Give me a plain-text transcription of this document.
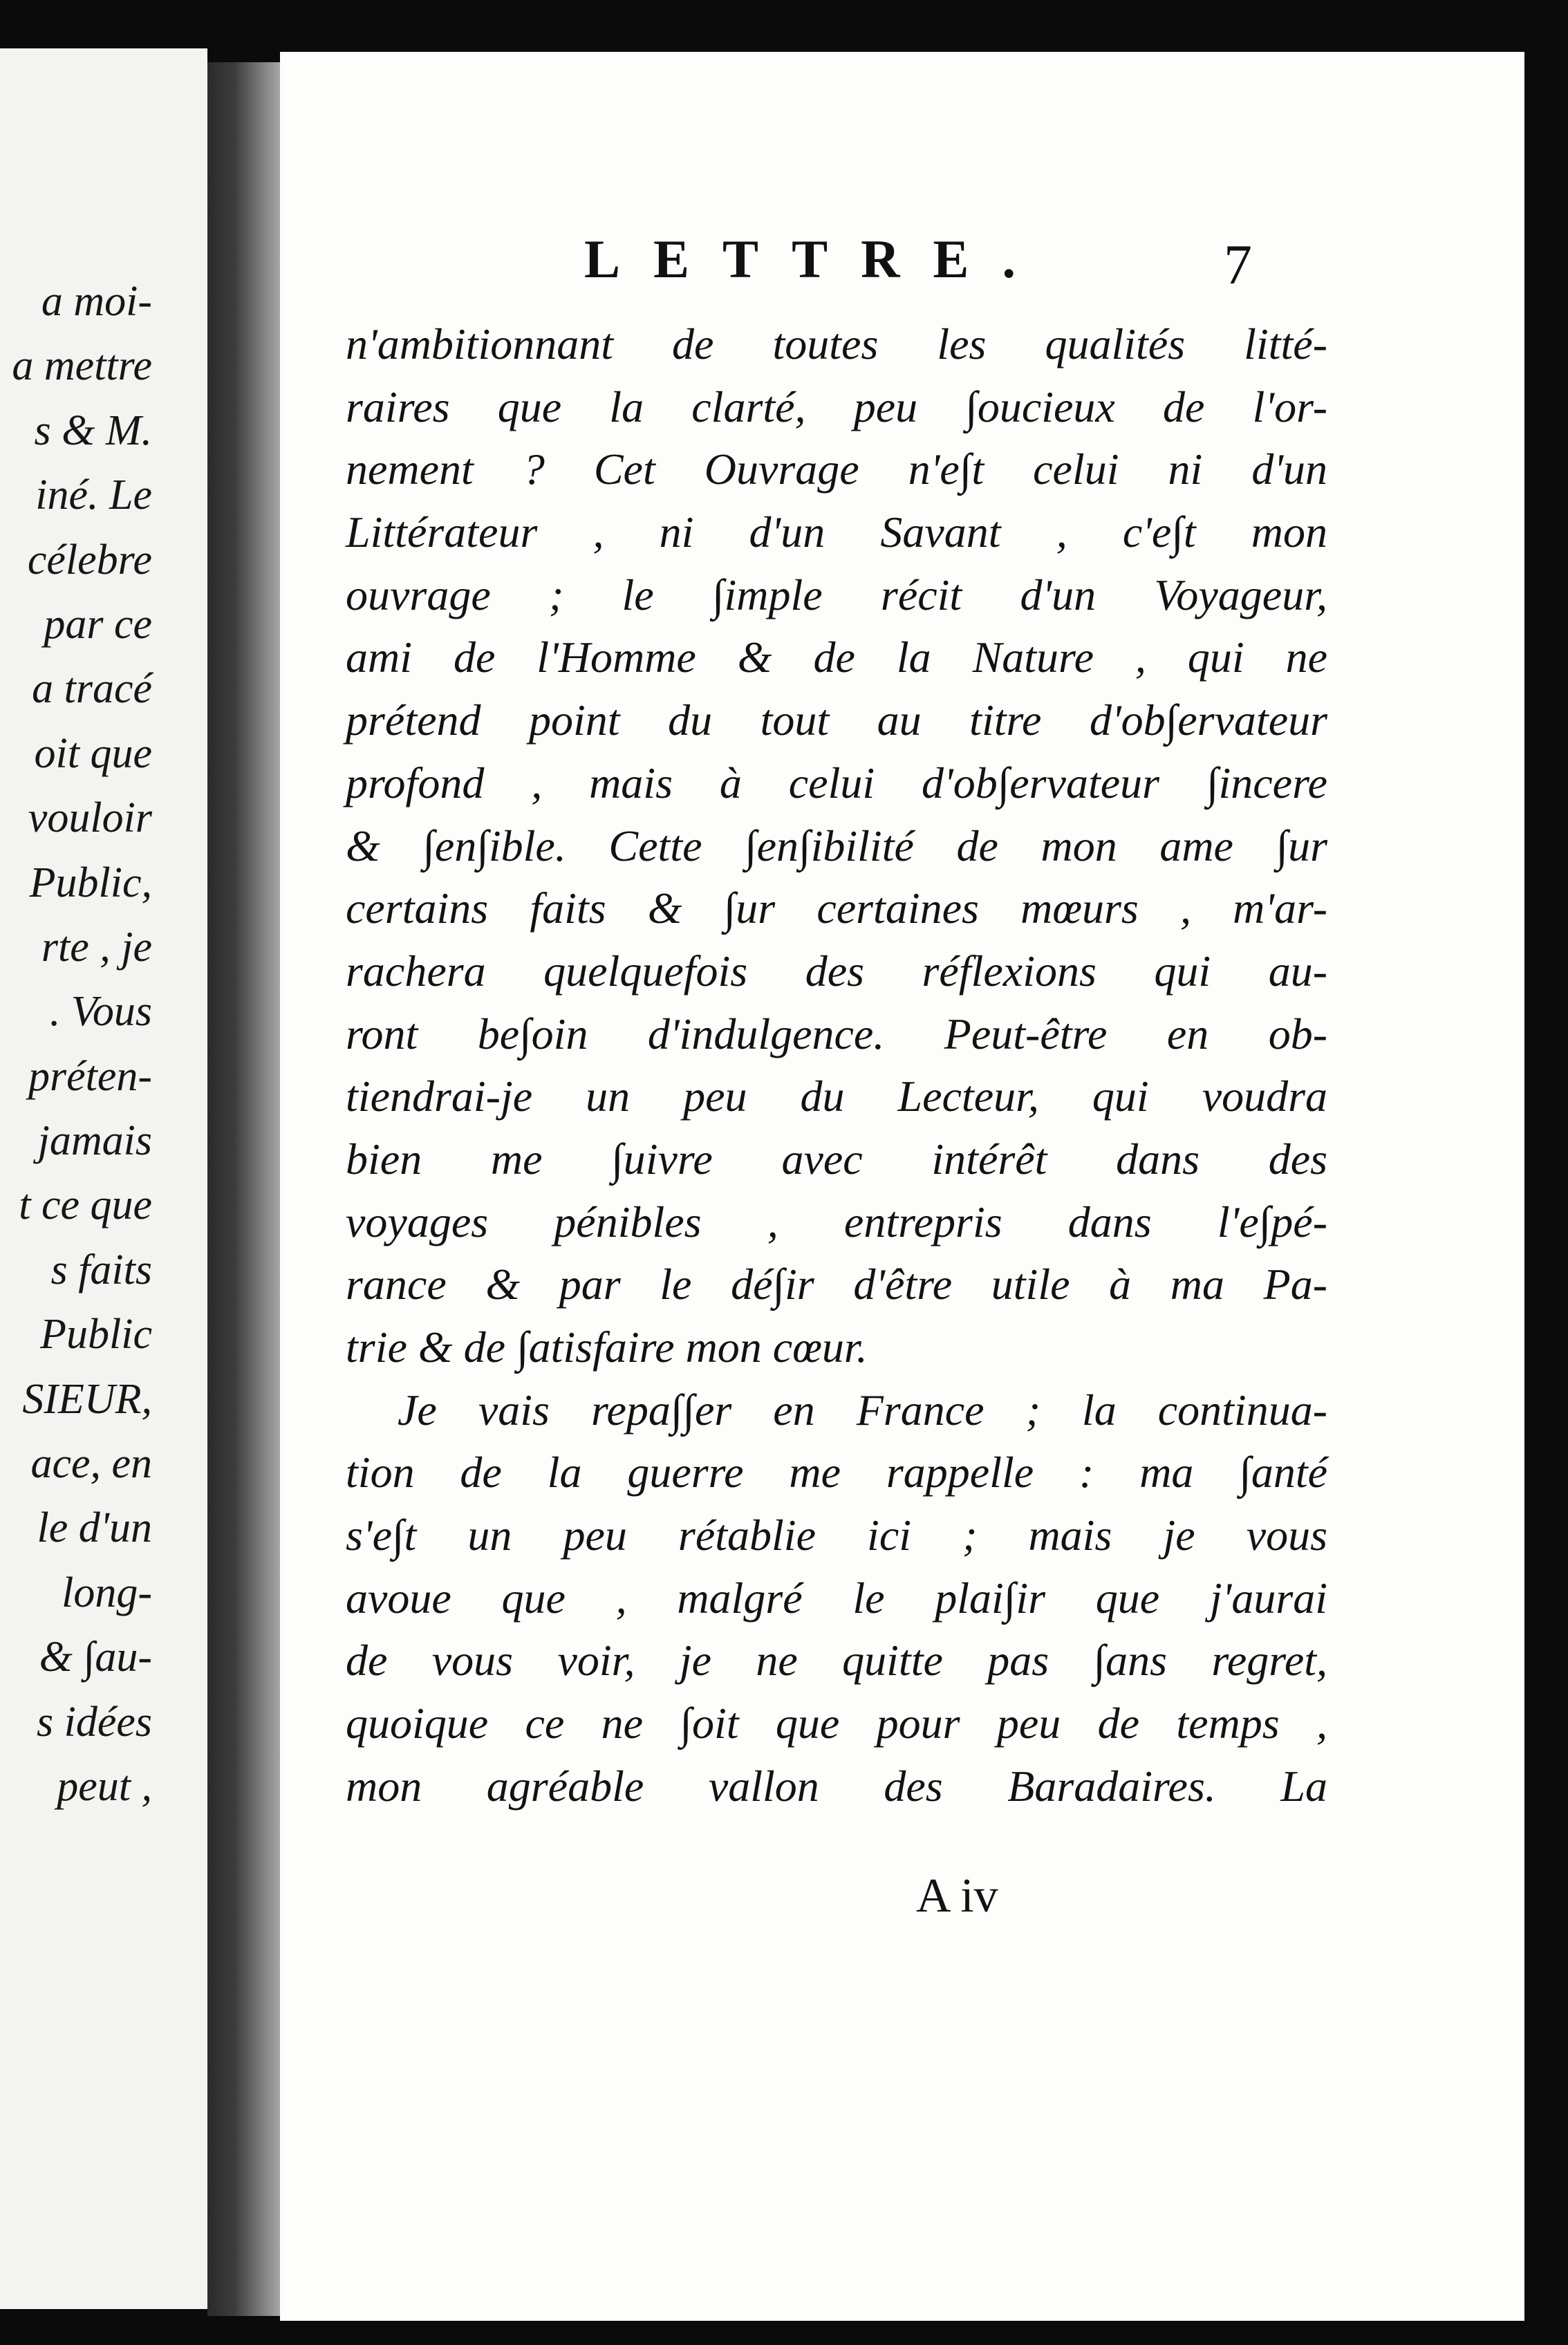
a moi-
a mettre
s & M.
iné. Le
célebre
par ce
a tracé
oit que
vouloir
Public,
rte , je
. Vous
préten-
jamais
t ce que
s faits
Public
SIEUR,
ace, en
le d'un
long-
& ∫au-
s idées
peut ,
LETTRE.	7
n'ambitionnant de toutes les qualités litté-
raires que la clarté, peu ∫oucieux de l'or-
nement ? Cet Ouvrage n'e∫t celui ni d'un
Littérateur , ni d'un Savant , c'e∫t mon
ouvrage ; le ∫imple récit d'un Voyageur,
ami de l'Homme & de la Nature , qui ne
prétend point du tout au titre d'ob∫ervateur
profond , mais à celui d'ob∫ervateur ∫incere
& ∫en∫ible. Cette ∫en∫ibilité de mon ame ∫ur
certains faits & ∫ur certaines mœurs , m'ar-
rachera quelquefois des réflexions qui au-
ront be∫oin d'indulgence. Peut-être en ob-
tiendrai-je un peu du Lecteur, qui voudra
bien me ∫uivre avec intérêt dans des
voyages pénibles , entrepris dans l'e∫pé-
rance & par le dé∫ir d'être utile à ma Pa-
trie & de ∫atisfaire mon cœur.
Je vais repa∫∫er en France ; la continua-
tion de la guerre me rappelle : ma ∫anté
s'e∫t un peu rétablie ici ; mais je vous
avoue que , malgré le plai∫ir que j'aurai
de vous voir, je ne quitte pas ∫ans regret,
quoique ce ne ∫oit que pour peu de temps ,
mon agréable vallon des Baradaires. La
A iv
